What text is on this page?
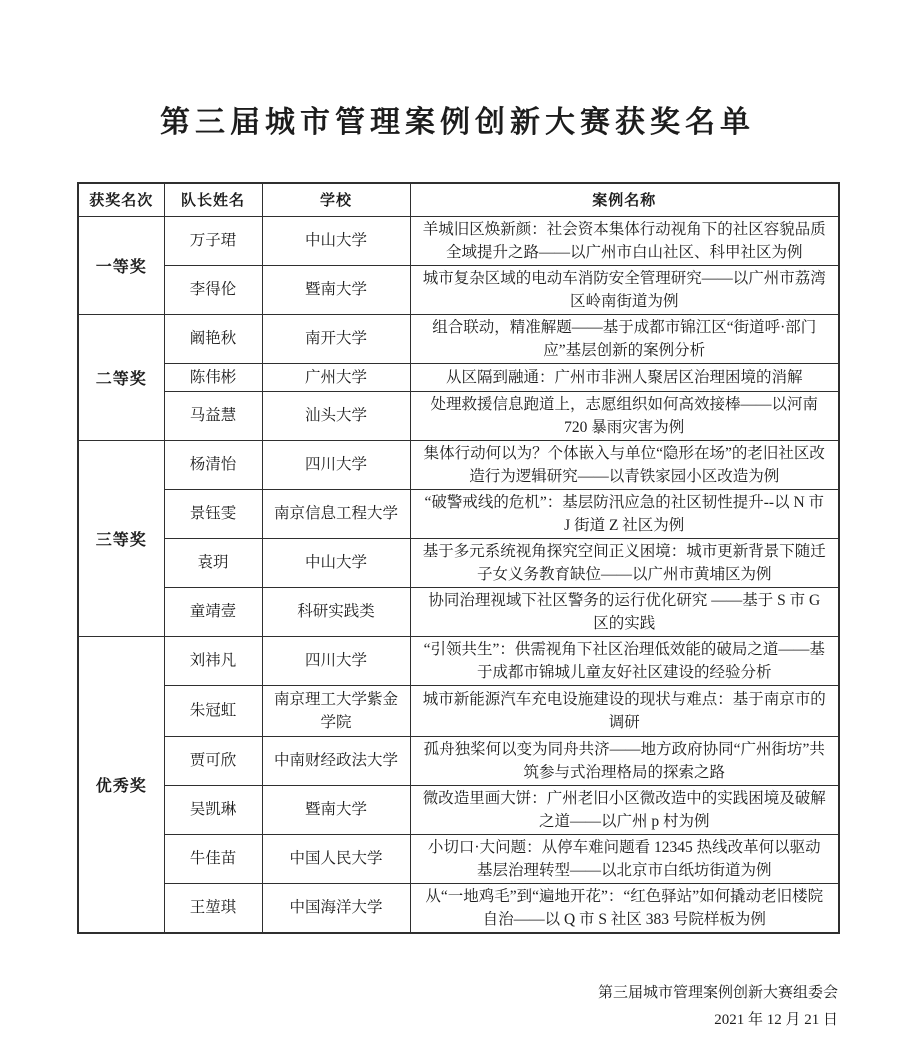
第三届城市管理案例创新大赛获奖名单
获奖名次	队长姓名	学校	案例名称
一等奖	万子珺	中山大学	羊城旧区焕新颜：社会资本集体行动视角下的社区容貌品质全域提升之路——以广州市白山社区、科甲社区为例
	李得伦	暨南大学	城市复杂区域的电动车消防安全管理研究——以广州市荔湾区岭南街道为例
二等奖	阚艳秋	南开大学	组合联动，精准解题——基于成都市锦江区“街道呼·部门应”基层创新的案例分析
	陈伟彬	广州大学	从区隔到融通：广州市非洲人聚居区治理困境的消解
	马益慧	汕头大学	处理救援信息跑道上，志愿组织如何高效接棒——以河南 720 暴雨灾害为例
三等奖	杨清怡	四川大学	集体行动何以为？个体嵌入与单位“隐形在场”的老旧社区改造行为逻辑研究——以青铁家园小区改造为例
	景钰雯	南京信息工程大学	“破警戒线的危机”：基层防汛应急的社区韧性提升--以 N 市 J 街道 Z 社区为例
	袁玥	中山大学	基于多元系统视角探究空间正义困境：城市更新背景下随迁子女义务教育缺位——以广州市黄埔区为例
	童靖壹	科研实践类	协同治理视域下社区警务的运行优化研究 ——基于 S 市 G 区的实践
优秀奖	刘祎凡	四川大学	“引领共生”：供需视角下社区治理低效能的破局之道——基于成都市锦城儿童友好社区建设的经验分析
	朱冠虹	南京理工大学紫金学院	城市新能源汽车充电设施建设的现状与难点：基于南京市的调研
	贾可欣	中南财经政法大学	孤舟独桨何以变为同舟共济——地方政府协同“广州街坊”共筑参与式治理格局的探索之路
	吴凯琳	暨南大学	微改造里画大饼：广州老旧小区微改造中的实践困境及破解之道——以广州 p 村为例
	牛佳苗	中国人民大学	小切口·大问题：从停车难问题看 12345 热线改革何以驱动基层治理转型——以北京市白纸坊街道为例
	王堃琪	中国海洋大学	从“一地鸡毛”到“遍地开花”：“红色驿站”如何撬动老旧楼院自治——以 Q 市 S 社区 383 号院样板为例
第三届城市管理案例创新大赛组委会
2021 年 12 月 21 日
